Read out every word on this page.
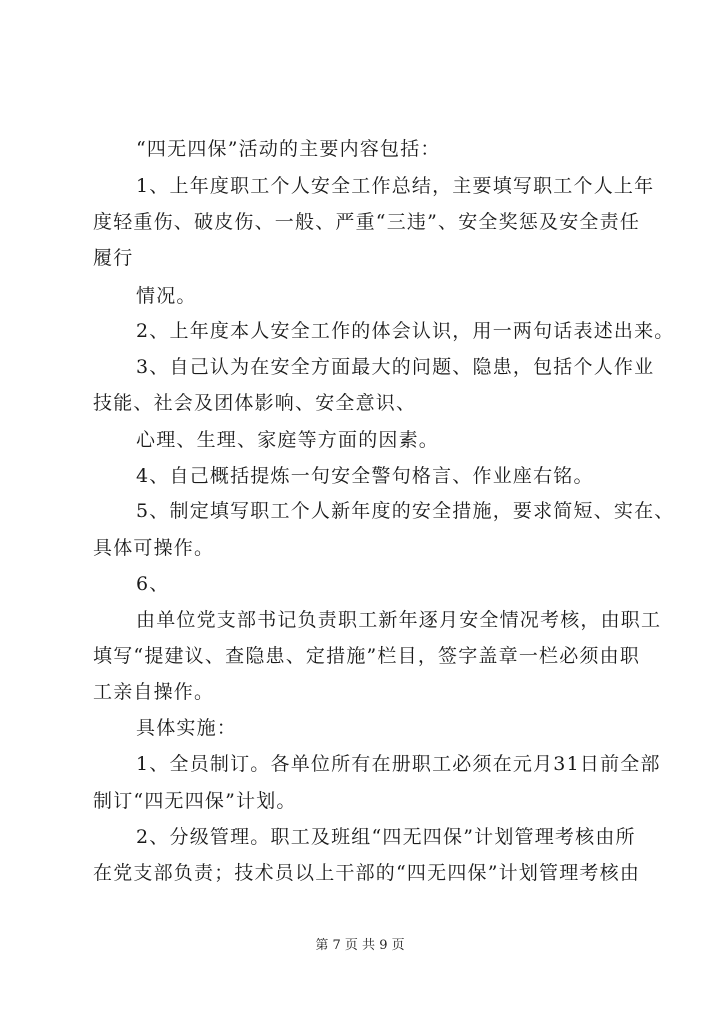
“四无四保”活动的主要内容包括：

1、上年度职工个人安全工作总结，主要填写职工个人上年

度轻重伤、破皮伤、一般、严重“三违”、安全奖惩及安全责任

履行

情况。

2、上年度本人安全工作的体会认识，用一两句话表述出来。

3、自己认为在安全方面最大的问题、隐患，包括个人作业

技能、社会及团体影响、安全意识、

心理、生理、家庭等方面的因素。

4、自己概括提炼一句安全警句格言、作业座右铭。

5、制定填写职工个人新年度的安全措施，要求简短、实在、

具体可操作。

6、

由单位党支部书记负责职工新年逐月安全情况考核，由职工

填写“提建议、查隐患、定措施”栏目，签字盖章一栏必须由职

工亲自操作。

具体实施：

1、全员制订。各单位所有在册职工必须在元月31日前全部

制订“四无四保”计划。

2、分级管理。职工及班组“四无四保”计划管理考核由所

在党支部负责；技术员以上干部的“四无四保”计划管理考核由

第 7 页 共 9 页
